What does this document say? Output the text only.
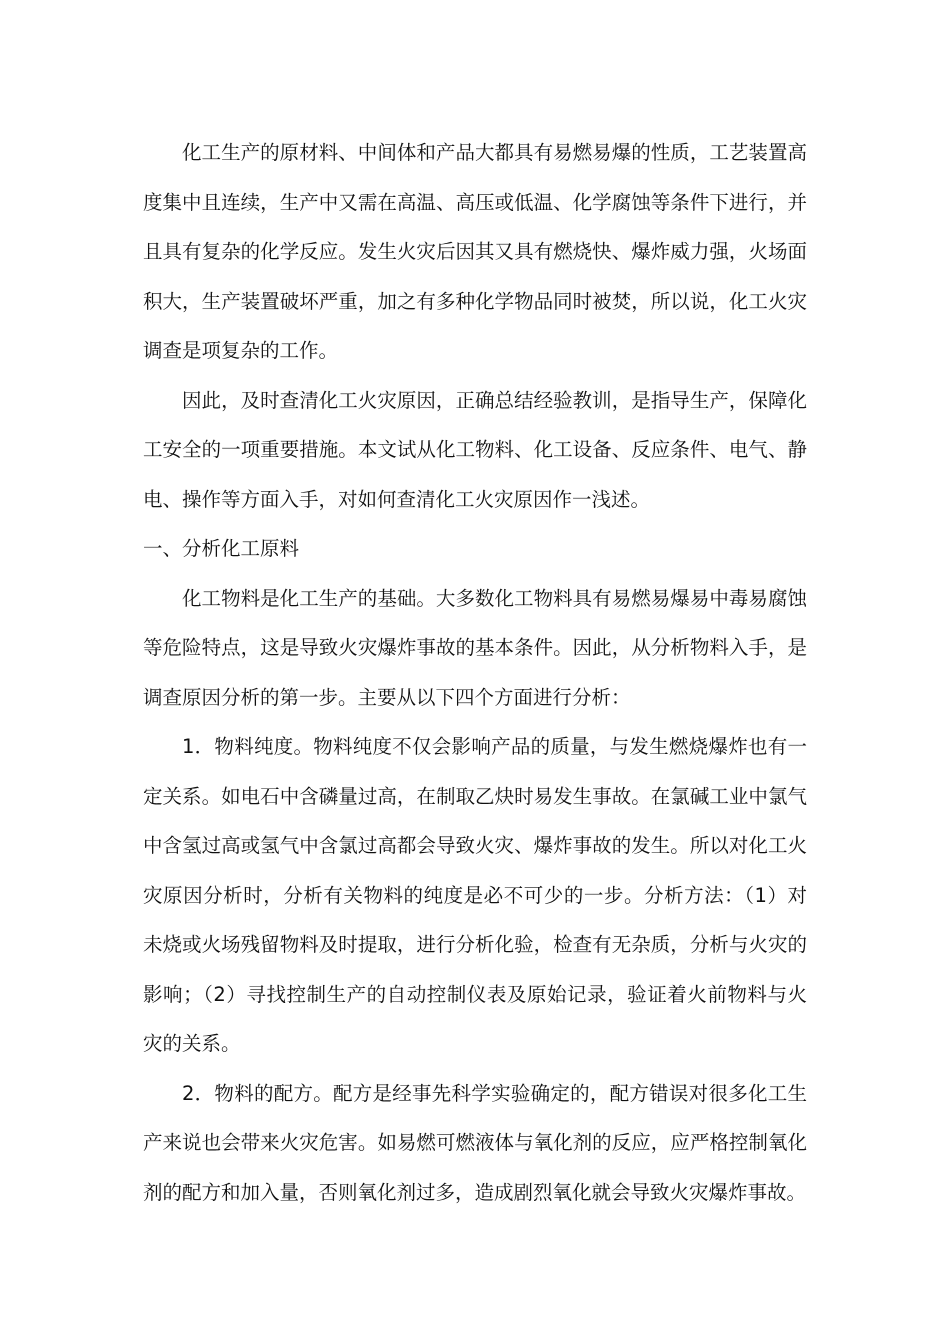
化工生产的原材料、中间体和产品大都具有易燃易爆的性质，工艺装置高度集中且连续，生产中又需在高温、高压或低温、化学腐蚀等条件下进行，并且具有复杂的化学反应。发生火灾后因其又具有燃烧快、爆炸威力强，火场面积大，生产装置破坏严重，加之有多种化学物品同时被焚，所以说，化工火灾调查是项复杂的工作。

因此，及时查清化工火灾原因，正确总结经验教训，是指导生产，保障化工安全的一项重要措施。本文试从化工物料、化工设备、反应条件、电气、静电、操作等方面入手，对如何查清化工火灾原因作一浅述。

一、分析化工原料

化工物料是化工生产的基础。大多数化工物料具有易燃易爆易中毒易腐蚀等危险特点，这是导致火灾爆炸事故的基本条件。因此，从分析物料入手，是调查原因分析的第一步。主要从以下四个方面进行分析：

1．物料纯度。物料纯度不仅会影响产品的质量，与发生燃烧爆炸也有一定关系。如电石中含磷量过高，在制取乙炔时易发生事故。在氯碱工业中氯气中含氢过高或氢气中含氯过高都会导致火灾、爆炸事故的发生。所以对化工火灾原因分析时，分析有关物料的纯度是必不可少的一步。分析方法：（1）对未烧或火场残留物料及时提取，进行分析化验，检查有无杂质，分析与火灾的影响；（2）寻找控制生产的自动控制仪表及原始记录，验证着火前物料与火灾的关系。

2．物料的配方。配方是经事先科学实验确定的，配方错误对很多化工生产来说也会带来火灾危害。如易燃可燃液体与氧化剂的反应，应严格控制氧化剂的配方和加入量，否则氧化剂过多，造成剧烈氧化就会导致火灾爆炸事故。
